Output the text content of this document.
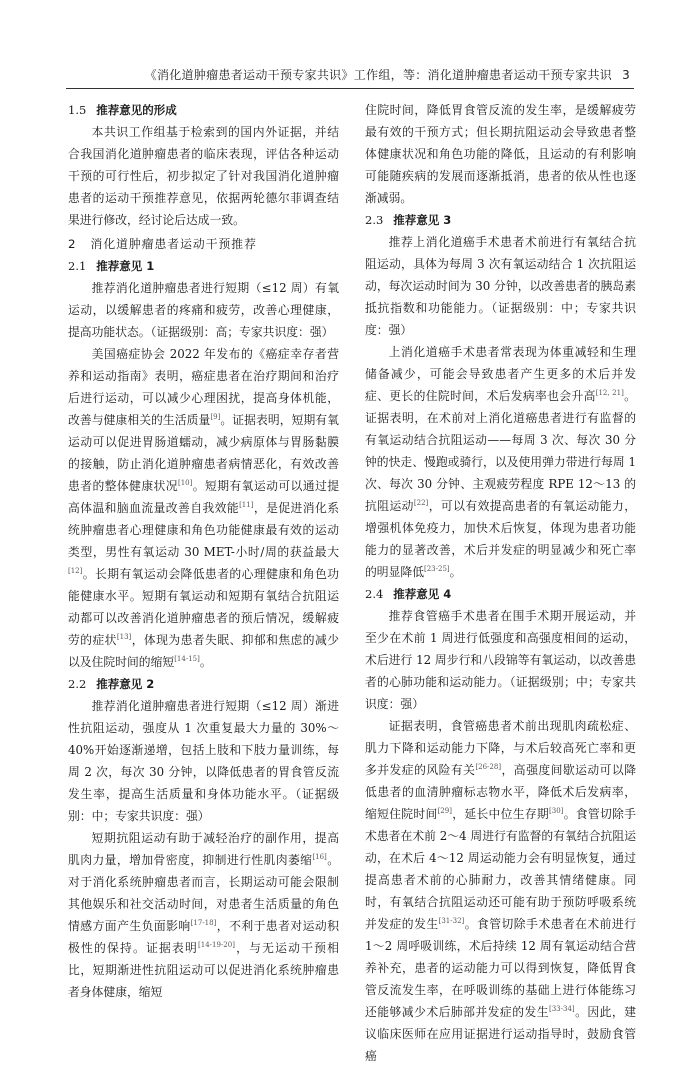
《消化道肿瘤患者运动干预专家共识》工作组，等：消化道肿瘤患者运动干预专家共识 3
1.5 推荐意见的形成

本共识工作组基于检索到的国内外证据，并结合我国消化道肿瘤患者的临床表现，评估各种运动干预的可行性后，初步拟定了针对我国消化道肿瘤患者的运动干预推荐意见，依据两轮德尔菲调查结果进行修改，经讨论后达成一致。

2 消化道肿瘤患者运动干预推荐
2.1 推荐意见 1

推荐消化道肿瘤患者进行短期（≤12 周）有氧运动，以缓解患者的疼痛和疲劳，改善心理健康，提高功能状态。（证据级别：高；专家共识度：强）

美国癌症协会 2022 年发布的《癌症幸存者营养和运动指南》表明，癌症患者在治疗期间和治疗后进行运动，可以减少心理困扰，提高身体机能，改善与健康相关的生活质量[9]。证据表明，短期有氧运动可以促进胃肠道蠕动，减少病原体与胃肠黏膜的接触，防止消化道肿瘤患者病情恶化，有效改善患者的整体健康状况[10]。短期有氧运动可以通过提高体温和脑血流量改善自我效能[11]，是促进消化系统肿瘤患者心理健康和角色功能健康最有效的运动类型，男性有氧运动 30 MET-小时/周的获益最大[12]。长期有氧运动会降低患者的心理健康和角色功能健康水平。短期有氧运动和短期有氧结合抗阻运动都可以改善消化道肿瘤患者的预后情况，缓解疲劳的症状[13]，体现为患者失眠、抑郁和焦虑的减少以及住院时间的缩短[14-15]。

2.2 推荐意见 2

推荐消化道肿瘤患者进行短期（≤12 周）渐进性抗阻运动，强度从 1 次重复最大力量的 30%～40%开始逐渐递增，包括上肢和下肢力量训练，每周 2 次，每次 30 分钟，以降低患者的胃食管反流发生率，提高生活质量和身体功能水平。（证据级别：中；专家共识度：强）

短期抗阻运动有助于减轻治疗的副作用，提高肌肉力量，增加骨密度，抑制进行性肌肉萎缩[16]。对于消化系统肿瘤患者而言，长期运动可能会限制其他娱乐和社交活动时间，对患者生活质量的角色情感方面产生负面影响[17-18]，不利于患者对运动积极性的保持。证据表明[14-19-20]，与无运动干预相比，短期渐进性抗阻运动可以促进消化系统肿瘤患者身体健康，缩短

住院时间，降低胃食管反流的发生率，是缓解疲劳最有效的干预方式；但长期抗阻运动会导致患者整体健康状况和角色功能的降低，且运动的有利影响可能随疾病的发展而逐渐抵消，患者的依从性也逐渐减弱。

2.3 推荐意见 3

推荐上消化道癌手术患者术前进行有氧结合抗阻运动，具体为每周 3 次有氧运动结合 1 次抗阻运动，每次运动时间为 30 分钟，以改善患者的胰岛素抵抗指数和功能能力。（证据级别：中；专家共识度：强）

上消化道癌手术患者常表现为体重减轻和生理储备减少，可能会导致患者产生更多的术后并发症、更长的住院时间，术后发病率也会升高[12, 21]。证据表明，在术前对上消化道癌患者进行有监督的有氧运动结合抗阻运动——每周 3 次、每次 30 分钟的快走、慢跑或骑行，以及使用弹力带进行每周 1 次、每次 30 分钟、主观疲劳程度 RPE 12～13 的抗阻运动[22]，可以有效提高患者的有氧运动能力，增强机体免疫力，加快术后恢复，体现为患者功能能力的显著改善，术后并发症的明显减少和死亡率的明显降低[23-25]。

2.4 推荐意见 4

推荐食管癌手术患者在围手术期开展运动，并至少在术前 1 周进行低强度和高强度相间的运动，术后进行 12 周步行和八段锦等有氧运动，以改善患者的心肺功能和运动能力。（证据级别；中；专家共识度：强）

证据表明，食管癌患者术前出现肌肉疏松症、肌力下降和运动能力下降，与术后较高死亡率和更多并发症的风险有关[26-28]，高强度间歇运动可以降低患者的血清肿瘤标志物水平，降低术后发病率，缩短住院时间[29]，延长中位生存期[30]。食管切除手术患者在术前 2～4 周进行有监督的有氧结合抗阻运动，在术后 4～12 周运动能力会有明显恢复，通过提高患者术前的心肺耐力，改善其情绪健康。同时，有氧结合抗阻运动还可能有助于预防呼吸系统并发症的发生[31-32]。食管切除手术患者在术前进行 1～2 周呼吸训练，术后持续 12 周有氧运动结合营养补充，患者的运动能力可以得到恢复，降低胃食管反流发生率，在呼吸训练的基础上进行体能练习还能够减少术后肺部并发症的发生[33-34]。因此，建议临床医师在应用证据进行运动指导时，鼓励食管癌
